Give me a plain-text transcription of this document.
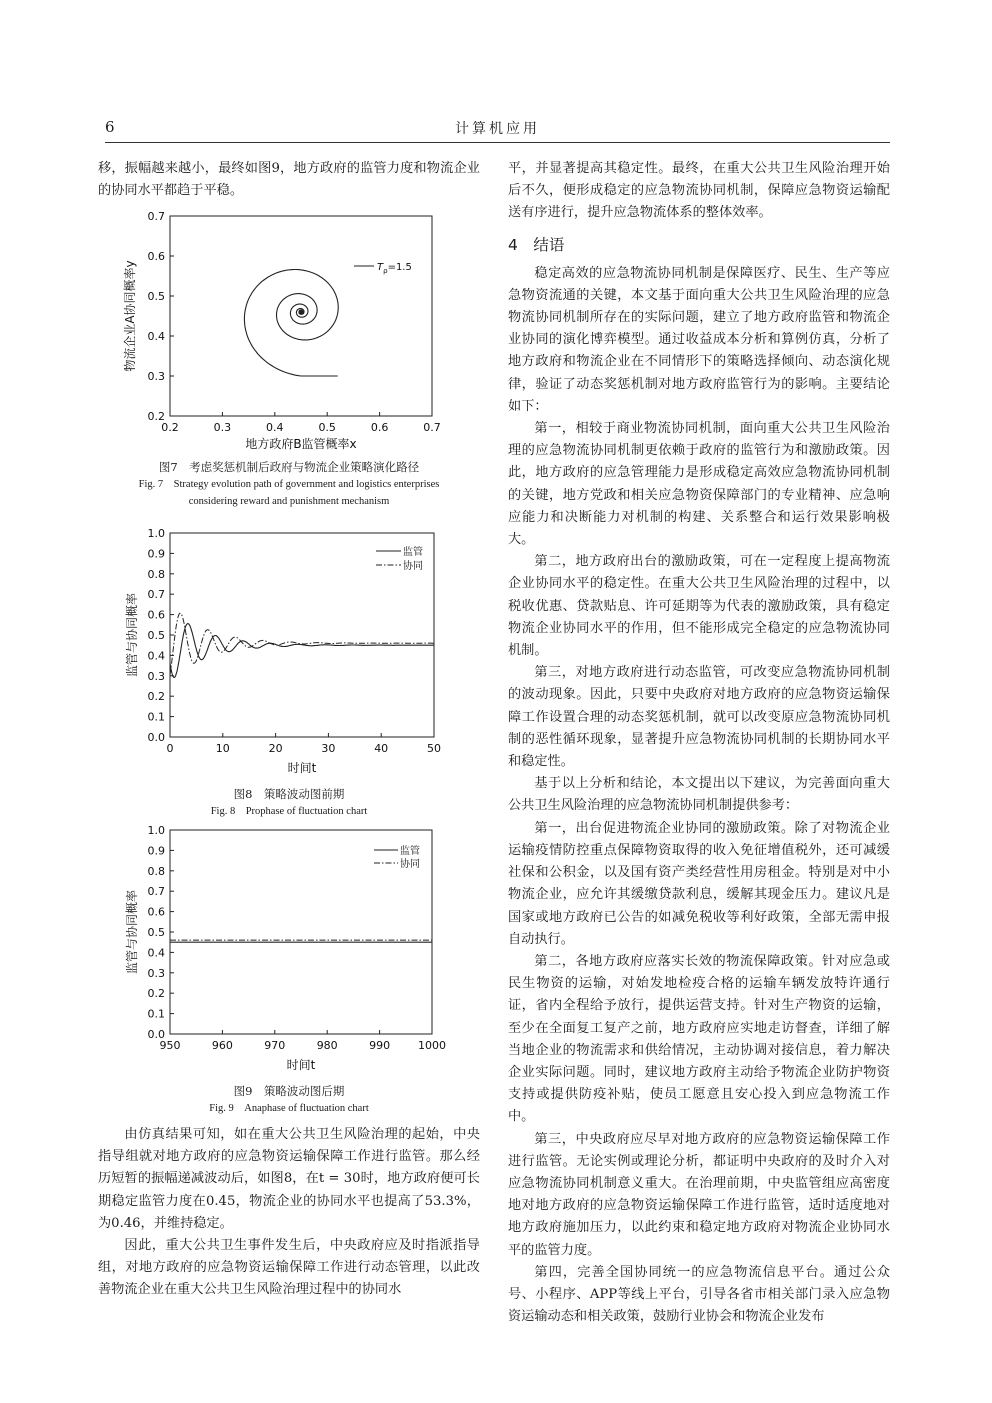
6	计算机应用

移，振幅越来越小，最终如图9，地方政府的监管力度和物流企业的协同水平都趋于平稳。

0.2	0.3	0.4	0.5	0.6	0.7
0.2
0.3
0.4
0.5
0.6
0.7
$T_\rho=1.5$
地方政府B监管概率x
物流企业A协同概率y
图7　考虑奖惩机制后政府与物流企业策略演化路径
Fig. 7　Strategy evolution path of government and logistics enterprises
considering reward and punishment mechanism
0	10	20	30	40	50
0.0
0.1
0.2
0.3
0.4
0.5
0.6
0.7
0.8
0.9
1.0
监管
协同
时间t
监管与协同概率
图8　策略波动图前期
Fig. 8　Prophase of fluctuation chart
950	960	970	980	990	1000
0.0
0.1
0.2
0.3
0.4
0.5
0.6
0.7
0.8
0.9
1.0
监管
协同
时间t
监管与协同概率
图9　策略波动图后期
Fig. 9　Anaphase of fluctuation chart

由仿真结果可知，如在重大公共卫生风险治理的起始，中央指导组就对地方政府的应急物资运输保障工作进行监管。那么经历短暂的振幅递减波动后，如图8，在t = 30时，地方政府便可长期稳定监管力度在0.45，物流企业的协同水平也提高了53.3%，为0.46，并维持稳定。

因此，重大公共卫生事件发生后，中央政府应及时指派指导组，对地方政府的应急物资运输保障工作进行动态管理，以此改善物流企业在重大公共卫生风险治理过程中的协同水

平，并显著提高其稳定性。最终，在重大公共卫生风险治理开始后不久，便形成稳定的应急物流协同机制，保障应急物资运输配送有序进行，提升应急物流体系的整体效率。

4　结语

稳定高效的应急物流协同机制是保障医疗、民生、生产等应急物资流通的关键，本文基于面向重大公共卫生风险治理的应急物流协同机制所存在的实际问题，建立了地方政府监管和物流企业协同的演化博弈模型。通过收益成本分析和算例仿真，分析了地方政府和物流企业在不同情形下的策略选择倾向、动态演化规律，验证了动态奖惩机制对地方政府监管行为的影响。主要结论如下：

第一，相较于商业物流协同机制，面向重大公共卫生风险治理的应急物流协同机制更依赖于政府的监管行为和激励政策。因此，地方政府的应急管理能力是形成稳定高效应急物流协同机制的关键，地方党政和相关应急物资保障部门的专业精神、应急响应能力和决断能力对机制的构建、关系整合和运行效果影响极大。

第二，地方政府出台的激励政策，可在一定程度上提高物流企业协同水平的稳定性。在重大公共卫生风险治理的过程中，以税收优惠、贷款贴息、许可延期等为代表的激励政策，具有稳定物流企业协同水平的作用，但不能形成完全稳定的应急物流协同机制。

第三，对地方政府进行动态监管，可改变应急物流协同机制的波动现象。因此，只要中央政府对地方政府的应急物资运输保障工作设置合理的动态奖惩机制，就可以改变原应急物流协同机制的恶性循环现象，显著提升应急物流协同机制的长期协同水平和稳定性。

基于以上分析和结论，本文提出以下建议，为完善面向重大公共卫生风险治理的应急物流协同机制提供参考：

第一，出台促进物流企业协同的激励政策。除了对物流企业运输疫情防控重点保障物资取得的收入免征增值税外，还可减缓社保和公积金，以及国有资产类经营性用房租金。特别是对中小物流企业，应允许其缓缴贷款利息，缓解其现金压力。建议凡是国家或地方政府已公告的如减免税收等利好政策，全部无需申报自动执行。

第二，各地方政府应落实长效的物流保障政策。针对应急或民生物资的运输，对始发地检疫合格的运输车辆发放特许通行证，省内全程给予放行，提供运营支持。针对生产物资的运输，至少在全面复工复产之前，地方政府应实地走访督查，详细了解当地企业的物流需求和供给情况，主动协调对接信息，着力解决企业实际问题。同时，建议地方政府主动给予物流企业防护物资支持或提供防疫补贴，使员工愿意且安心投入到应急物流工作中。

第三，中央政府应尽早对地方政府的应急物资运输保障工作进行监管。无论实例或理论分析，都证明中央政府的及时介入对应急物流协同机制意义重大。在治理前期，中央监管组应高密度地对地方政府的应急物资运输保障工作进行监管，适时适度地对地方政府施加压力，以此约束和稳定地方政府对物流企业协同水平的监管力度。

第四，完善全国协同统一的应急物流信息平台。通过公众号、小程序、APP等线上平台，引导各省市相关部门录入应急物资运输动态和相关政策，鼓励行业协会和物流企业发布
